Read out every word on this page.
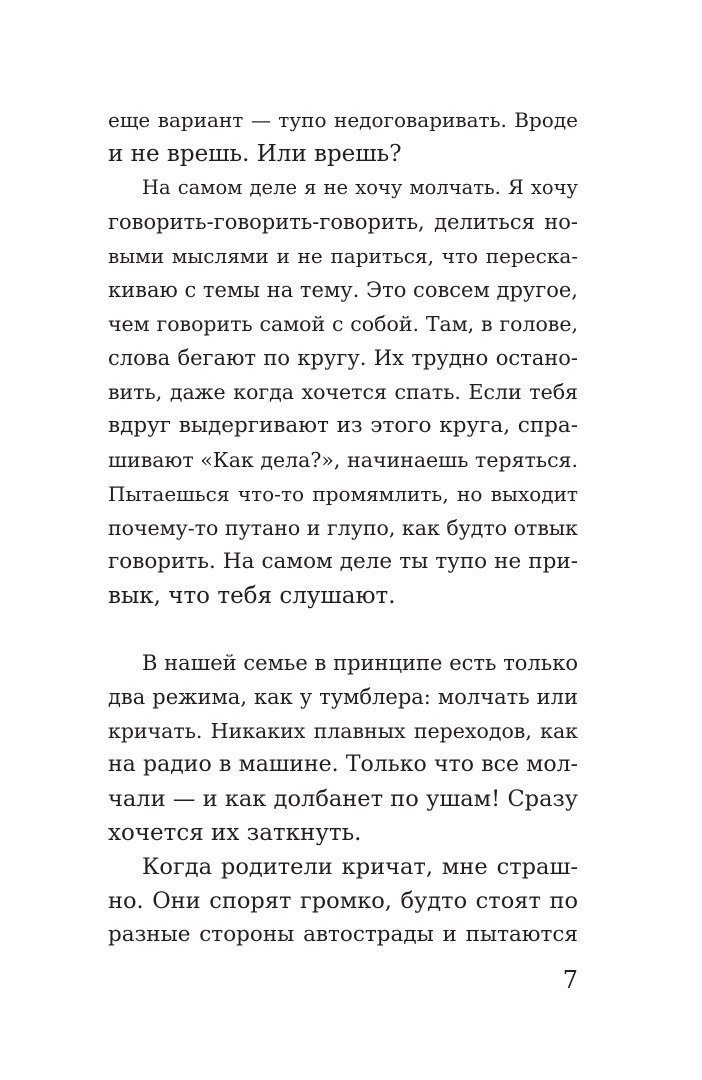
еще вариант — тупо недоговаривать. Вроде
и не врешь. Или врешь?
На самом деле я не хочу молчать. Я хочу
говорить-говорить-говорить, делиться но-
выми мыслями и не париться, что переска-
киваю с темы на тему. Это совсем другое,
чем говорить самой с собой. Там, в голове,
слова бегают по кругу. Их трудно остано-
вить, даже когда хочется спать. Если тебя
вдруг выдергивают из этого круга, спра-
шивают «Как дела?», начинаешь теряться.
Пытаешься что-то промямлить, но выходит
почему-то путано и глупо, как будто отвык
говорить. На самом деле ты тупо не при-
вык, что тебя слушают.
В нашей семье в принципе есть только
два режима, как у тумблера: молчать или
кричать. Никаких плавных переходов, как
на радио в машине. Только что все мол-
чали — и как долбанет по ушам! Сразу
хочется их заткнуть.
Когда родители кричат, мне страш-
но. Они спорят громко, будто стоят по
разные стороны автострады и пытаются
7
